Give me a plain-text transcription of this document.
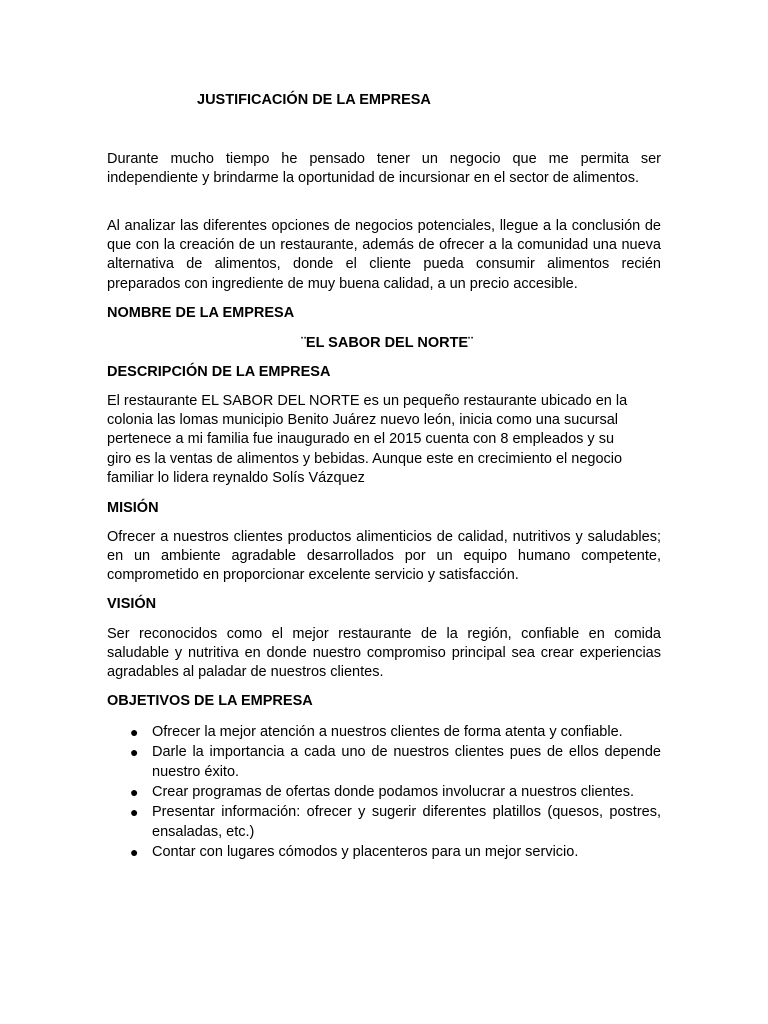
JUSTIFICACIÓN DE LA EMPRESA
Durante mucho tiempo he pensado tener un negocio que me permita ser independiente y brindarme la oportunidad de incursionar en el sector de alimentos.
Al analizar las diferentes opciones de negocios potenciales, llegue a la conclusión de que con la creación de un restaurante, además de ofrecer a la comunidad una nueva alternativa de alimentos, donde el cliente pueda consumir alimentos recién preparados con ingrediente de muy buena calidad, a un precio accesible.
NOMBRE DE LA EMPRESA
¨EL SABOR DEL NORTE¨
DESCRIPCIÓN DE LA EMPRESA
El restaurante EL SABOR DEL NORTE es un pequeño restaurante ubicado en la
colonia las lomas municipio Benito Juárez nuevo león, inicia como una sucursal
pertenece a mi familia fue inaugurado en el 2015 cuenta con 8 empleados y su
giro es la ventas de alimentos y bebidas. Aunque este en crecimiento el negocio
familiar lo lidera reynaldo Solís Vázquez
MISIÓN
Ofrecer a nuestros clientes productos alimenticios de calidad, nutritivos y saludables; en un ambiente agradable desarrollados por un equipo humano competente, comprometido en proporcionar excelente servicio y satisfacción.
VISIÓN
Ser reconocidos como el mejor restaurante de la región, confiable en comida saludable y nutritiva en donde nuestro compromiso principal sea crear experiencias agradables al paladar de nuestros clientes.
OBJETIVOS DE LA EMPRESA
● Ofrecer la mejor atención a nuestros clientes de forma atenta y confiable.
● Darle la importancia a cada uno de nuestros clientes pues de ellos depende nuestro éxito.
● Crear programas de ofertas donde podamos involucrar a nuestros clientes.
● Presentar información: ofrecer y sugerir diferentes platillos (quesos, postres, ensaladas, etc.)
● Contar con lugares cómodos y placenteros para un mejor servicio.
